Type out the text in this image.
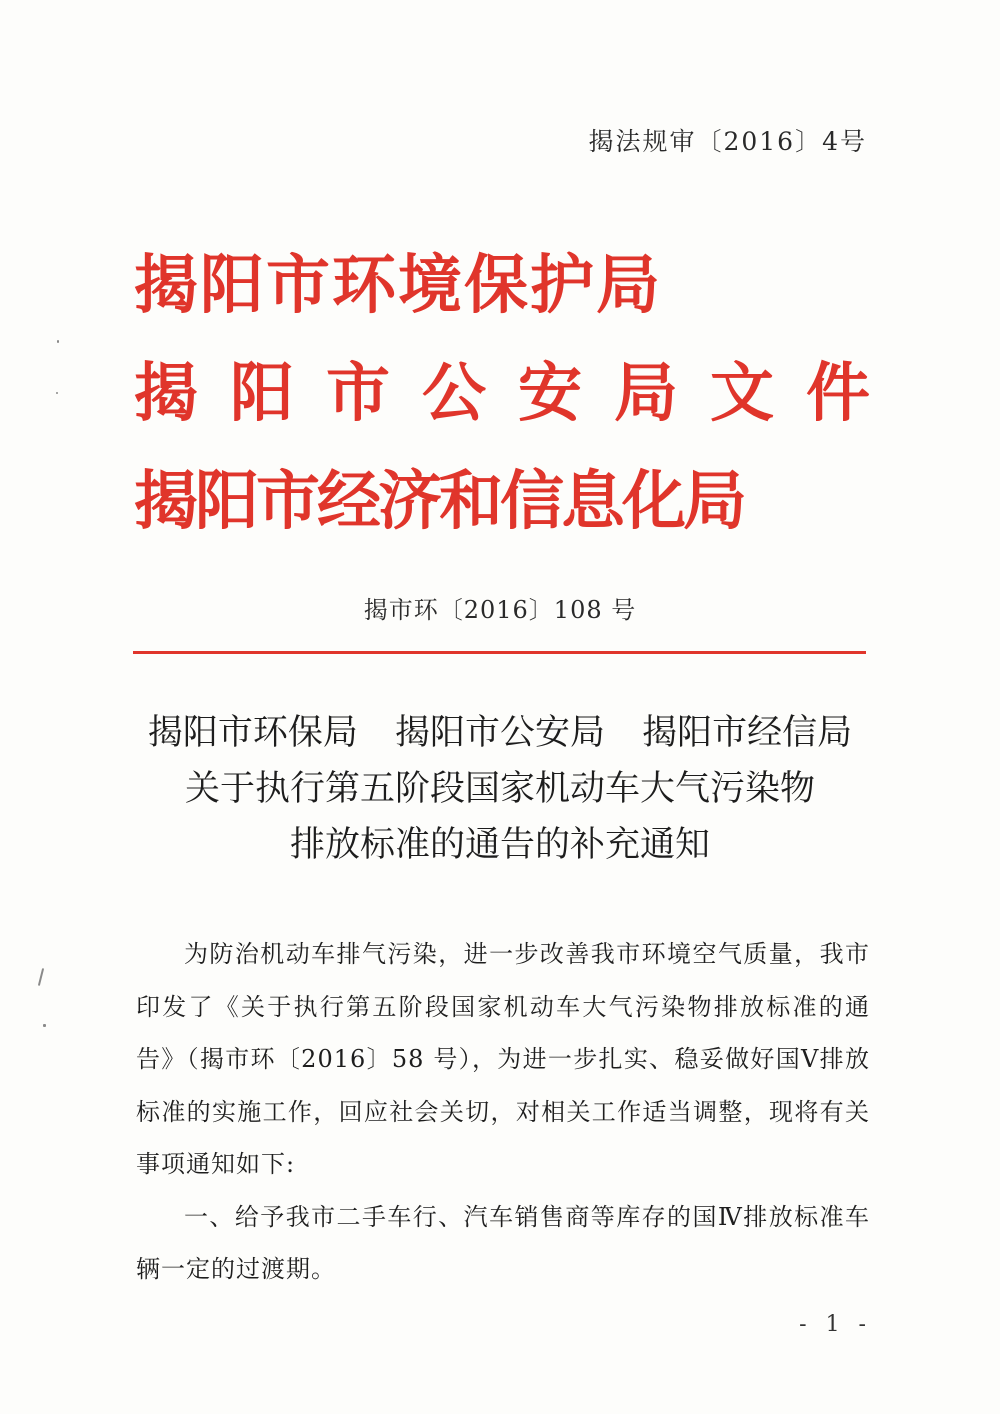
揭法规审〔2016〕4号
揭阳市环境保护局
揭阳市公安局文件
揭阳市经济和信息化局
揭市环〔2016〕108 号
揭阳市环保局 揭阳市公安局 揭阳市经信局
关于执行第五阶段国家机动车大气污染物
排放标准的通告的补充通知

为防治机动车排气污染，进一步改善我市环境空气质量，我市印发了《关于执行第五阶段国家机动车大气污染物排放标准的通告》（揭市环〔2016〕58 号），为进一步扎实、稳妥做好国Ⅴ排放标准的实施工作，回应社会关切，对相关工作适当调整，现将有关事项通知如下:

一、给予我市二手车行、汽车销售商等库存的国Ⅳ排放标准车辆一定的过渡期。

- 1 -
